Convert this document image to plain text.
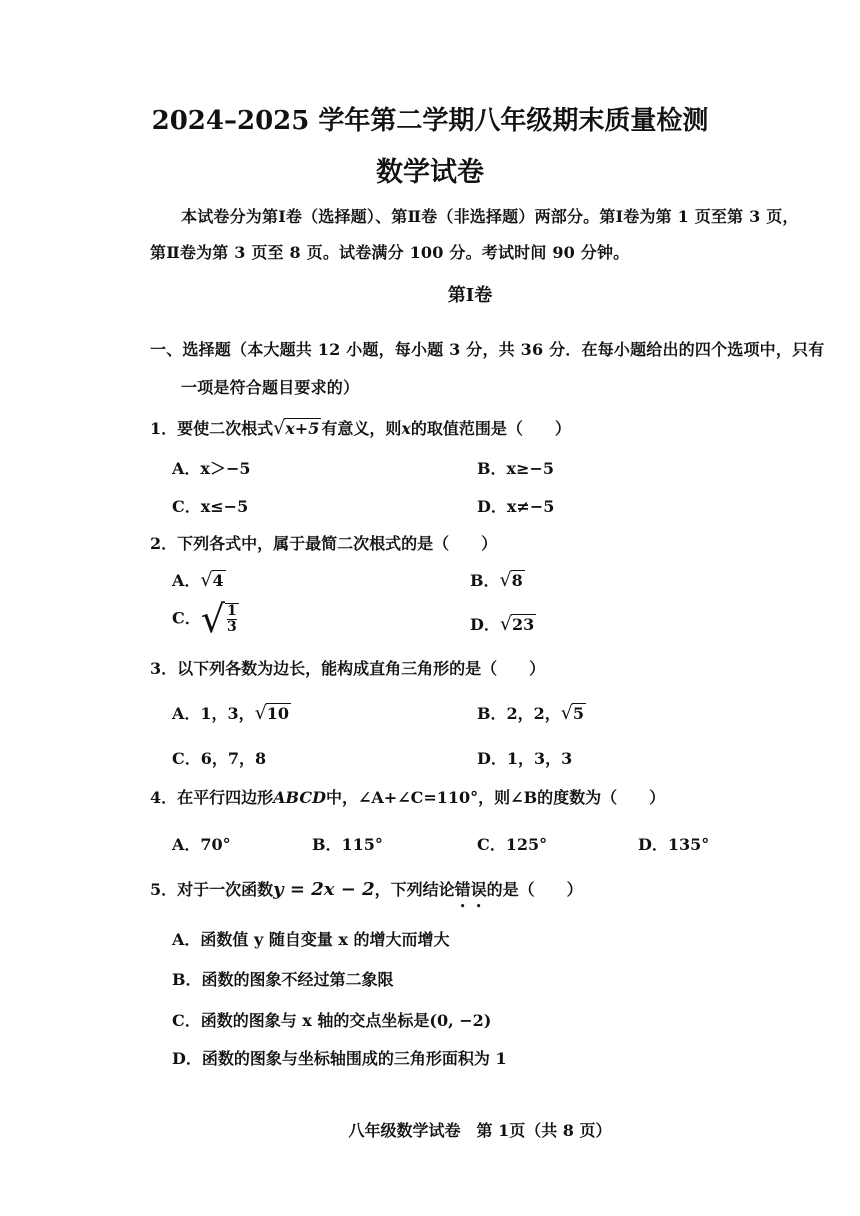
2024–2025 学年第二学期八年级期末质量检测
数学试卷
本试卷分为第Ⅰ卷（选择题）、第Ⅱ卷（非选择题）两部分。第Ⅰ卷为第 1 页至第 3 页，
第Ⅱ卷为第 3 页至 8 页。试卷满分 100 分。考试时间 90 分钟。
第Ⅰ卷
一、选择题（本大题共 12 小题，每小题 3 分，共 36 分．在每小题给出的四个选项中，只有
一项是符合题目要求的）
1．要使二次根式√x+5 有意义，则x的取值范围是（　　）
A．x＞−5	B．x≥−5
C．x≤−5	D．x≠−5
2．下列各式中，属于最简二次根式的是（　　）
A．√4	B．√8
C．√ $\frac{1}{3}$	D．√23
3．以下列各数为边长，能构成直角三角形的是（　　）
A．1，3，√10	B．2，2，√5
C．6，7，8	D．1，3，3
4．在平行四边形ABCD中，∠A+∠C=110°，则∠B的度数为（　　）
A．70°	B．115°	C．125°	D．135°
5．对于一次函数y = 2x − 2，下列结论错误的是（　　）
A．函数值 y 随自变量 x 的增大而增大
B．函数的图象不经过第二象限
C．函数的图象与 x 轴的交点坐标是(0, −2)
D．函数的图象与坐标轴围成的三角形面积为 1
八年级数学试卷　第 1页（共 8 页）
